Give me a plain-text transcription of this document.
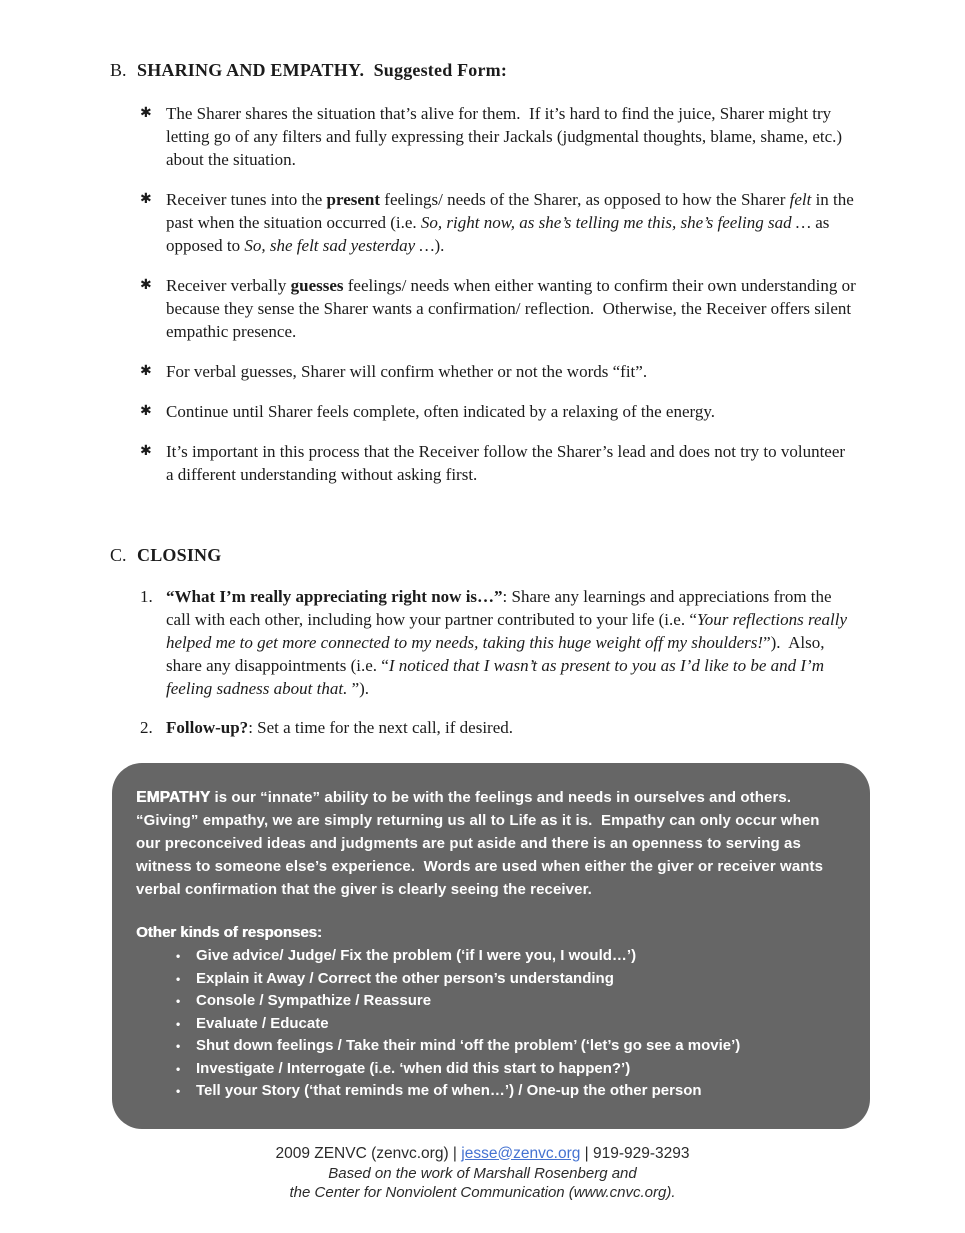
B. SHARING AND EMPATHY.  Suggested Form:
✱ The Sharer shares the situation that’s alive for them.  If it’s hard to find the juice, Sharer might try letting go of any filters and fully expressing their Jackals (judgmental thoughts, blame, shame, etc.) about the situation.
✱ Receiver tunes into the present feelings/ needs of the Sharer, as opposed to how the Sharer felt in the past when the situation occurred (i.e. So, right now, as she’s telling me this, she’s feeling sad … as opposed to So, she felt sad yesterday …).
✱ Receiver verbally guesses feelings/ needs when either wanting to confirm their own understanding or because they sense the Sharer wants a confirmation/ reflection.  Otherwise, the Receiver offers silent empathic presence.
✱ For verbal guesses, Sharer will confirm whether or not the words “fit”.
✱ Continue until Sharer feels complete, often indicated by a relaxing of the energy.
✱ It’s important in this process that the Receiver follow the Sharer’s lead and does not try to volunteer a different understanding without asking first.
C. CLOSING
1. “What I’m really appreciating right now is…”: Share any learnings and appreciations from the call with each other, including how your partner contributed to your life (i.e. “Your reflections really helped me to get more connected to my needs, taking this huge weight off my shoulders!”).  Also, share any disappointments (i.e. “I noticed that I wasn’t as present to you as I’d like to be and I’m feeling sadness about that. ”).
2. Follow-up?: Set a time for the next call, if desired.

EMPATHY is our “innate” ability to be with the feelings and needs in ourselves and others.  “Giving” empathy, we are simply returning us all to Life as it is.  Empathy can only occur when our preconceived ideas and judgments are put aside and there is an openness to serving as witness to someone else’s experience.  Words are used when either the giver or receiver wants verbal confirmation that the giver is clearly seeing the receiver.

Other kinds of responses:

•	Give advice/ Judge/ Fix the problem (‘if I were you, I would…’)
•	Explain it Away / Correct the other person’s understanding
•	Console / Sympathize / Reassure
•	Evaluate / Educate
•	Shut down feelings / Take their mind ‘off the problem’ (‘let’s go see a movie’)
•	Investigate / Interrogate (i.e. ‘when did this start to happen?’)
•	Tell your Story (‘that reminds me of when…’) / One-up the other person
2009 ZENVC (zenvc.org) | jesse@zenvc.org | 919-929-3293
Based on the work of Marshall Rosenberg and
the Center for Nonviolent Communication (www.cnvc.org).
